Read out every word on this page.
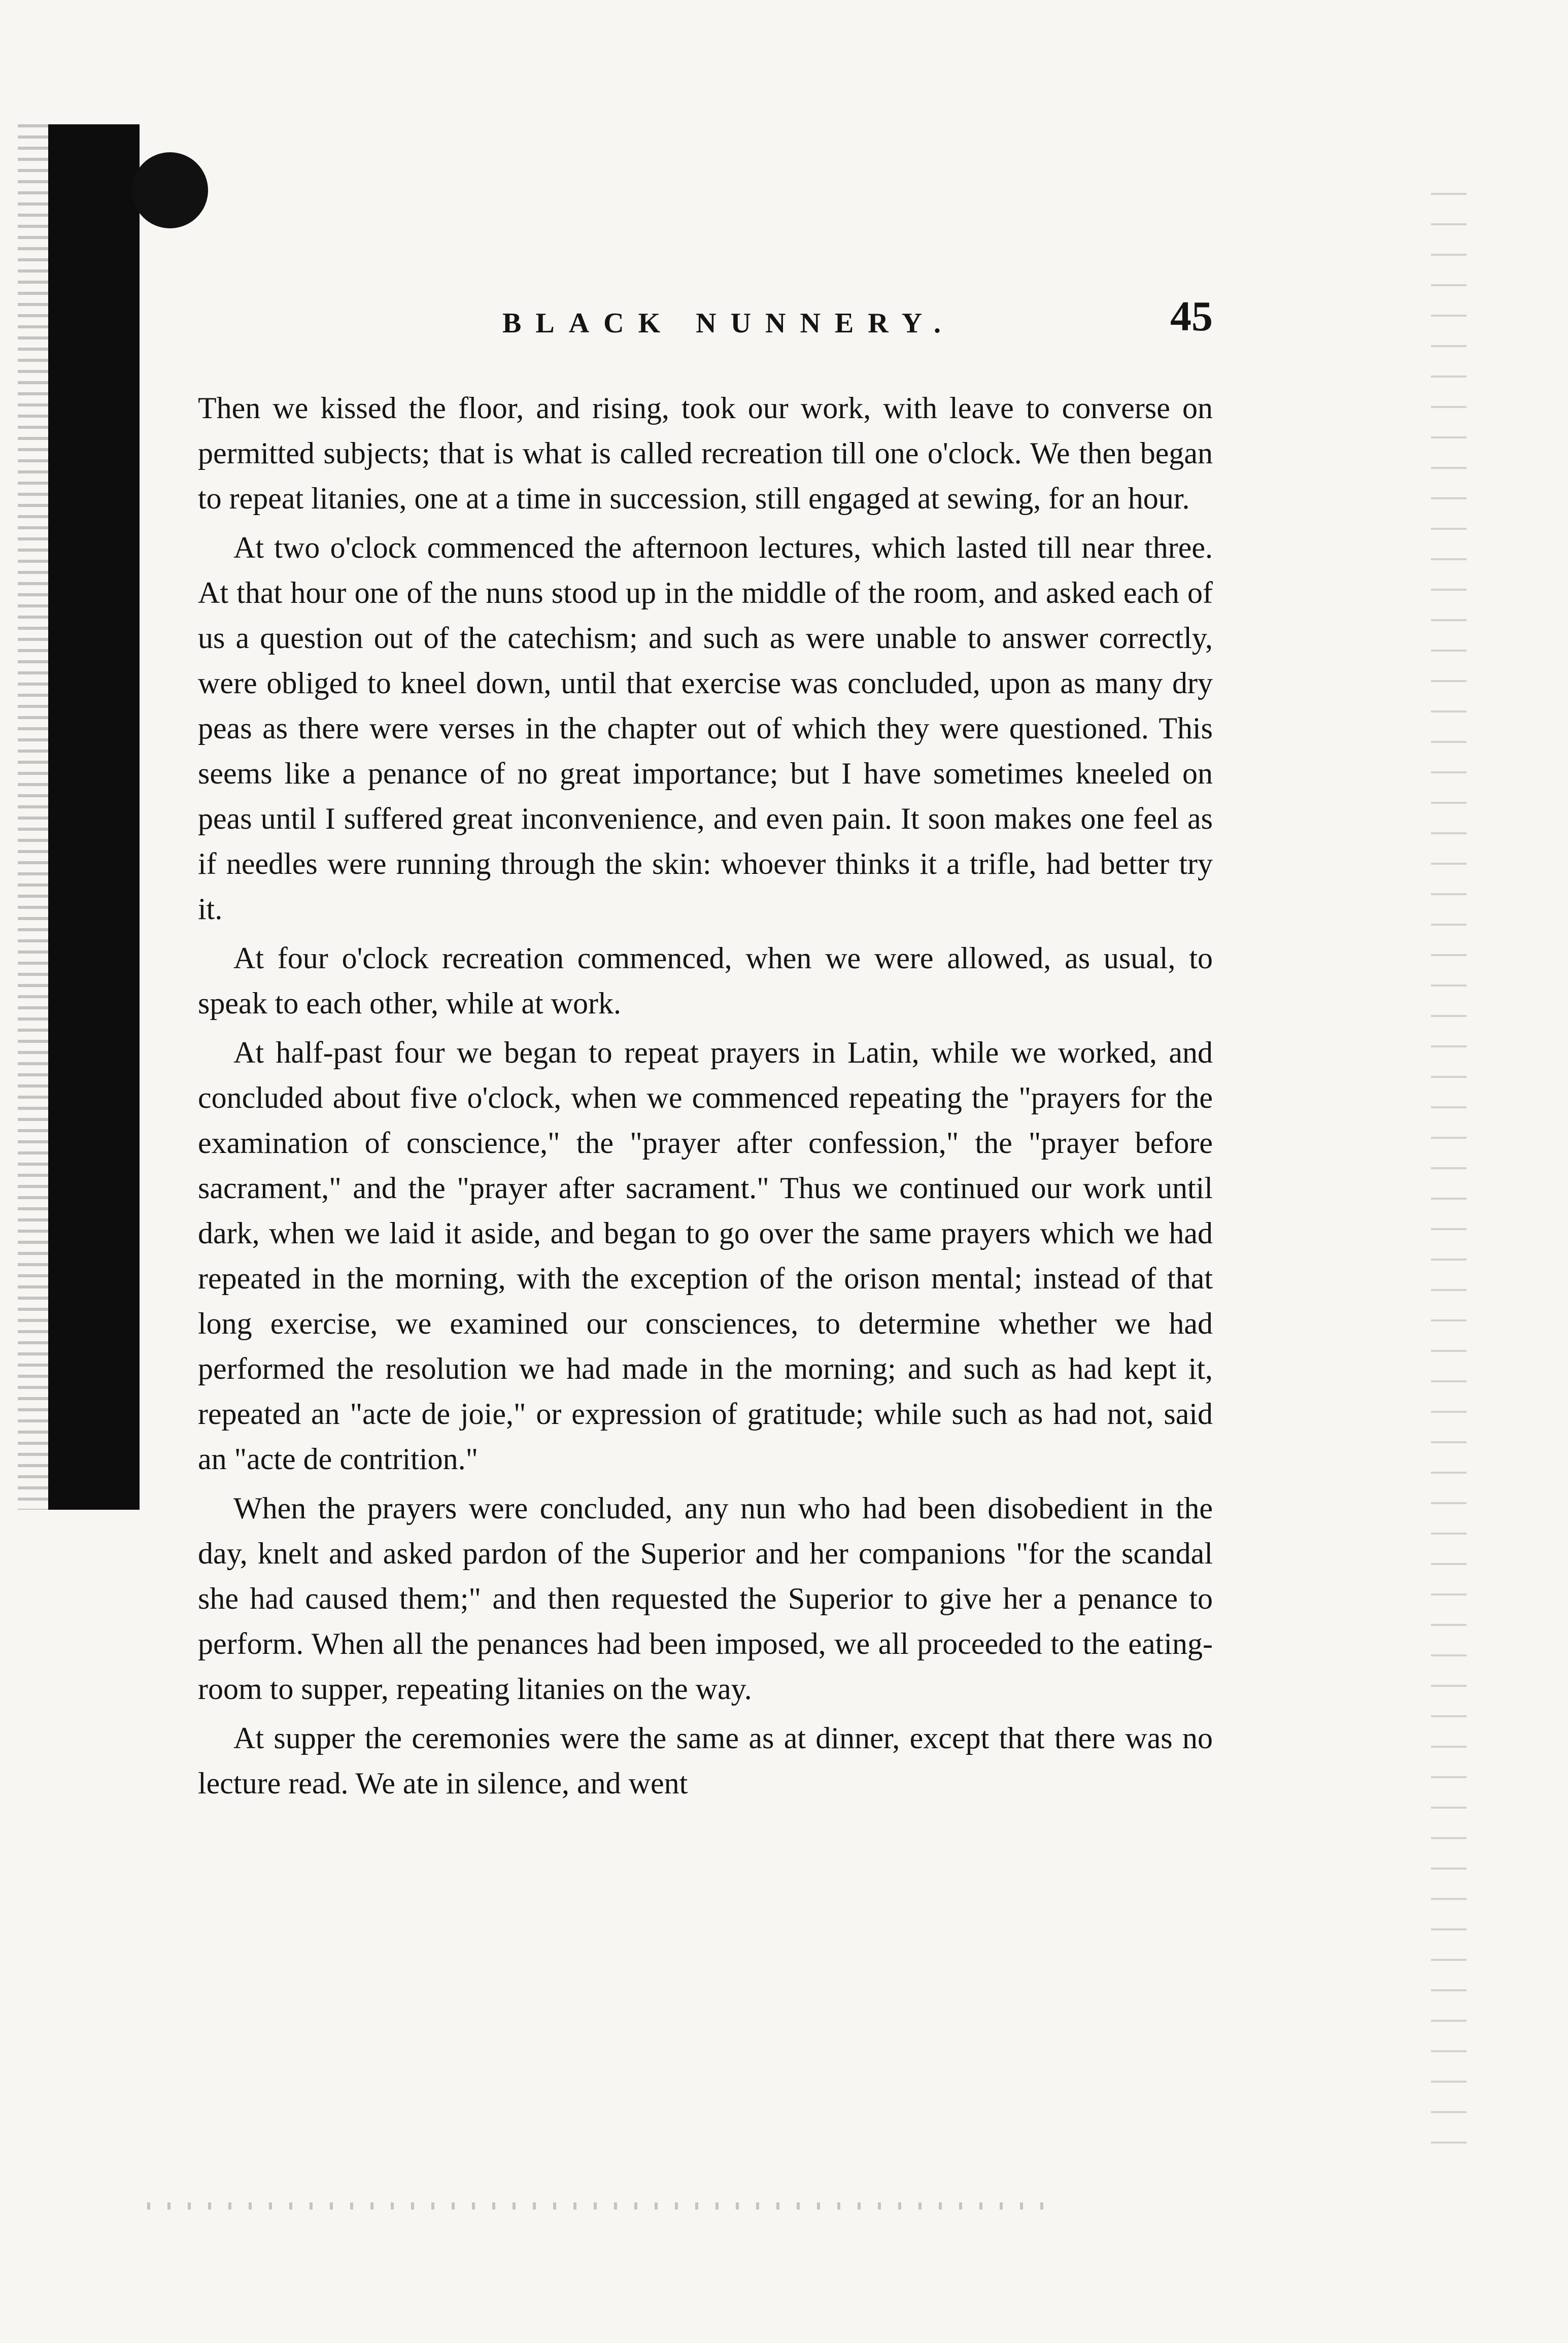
BLACK NUNNERY.	45

Then we kissed the floor, and rising, took our work, with leave to converse on permitted subjects; that is what is called recreation till one o'clock. We then began to repeat litanies, one at a time in succession, still engaged at sewing, for an hour.

At two o'clock commenced the afternoon lectures, which lasted till near three. At that hour one of the nuns stood up in the middle of the room, and asked each of us a question out of the catechism; and such as were unable to answer correctly, were obliged to kneel down, until that exercise was concluded, upon as many dry peas as there were verses in the chapter out of which they were questioned. This seems like a penance of no great importance; but I have sometimes kneeled on peas until I suffered great inconvenience, and even pain. It soon makes one feel as if needles were running through the skin: whoever thinks it a trifle, had better try it.

At four o'clock recreation commenced, when we were allowed, as usual, to speak to each other, while at work.

At half-past four we began to repeat prayers in Latin, while we worked, and concluded about five o'clock, when we commenced repeating the "prayers for the examination of conscience," the "prayer after confession," the "prayer before sacrament," and the "prayer after sacrament." Thus we continued our work until dark, when we laid it aside, and began to go over the same prayers which we had repeated in the morning, with the exception of the orison mental; instead of that long exercise, we examined our consciences, to determine whether we had performed the resolution we had made in the morning; and such as had kept it, repeated an "acte de joie," or expression of gratitude; while such as had not, said an "acte de contrition."

When the prayers were concluded, any nun who had been disobedient in the day, knelt and asked pardon of the Superior and her companions "for the scandal she had caused them;" and then requested the Superior to give her a penance to perform. When all the penances had been imposed, we all proceeded to the eating-room to supper, repeating litanies on the way.

At supper the ceremonies were the same as at dinner, except that there was no lecture read. We ate in silence, and went
